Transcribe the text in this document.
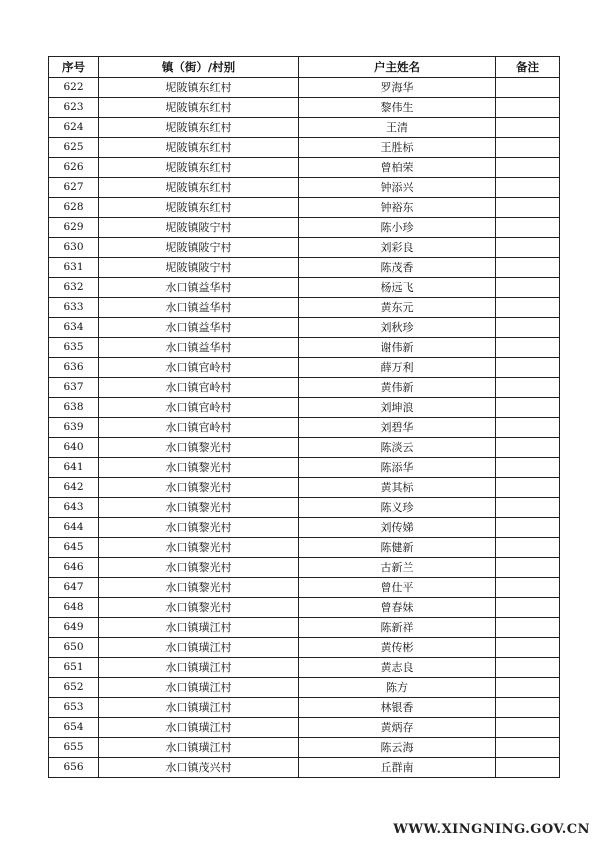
序号	镇（街）/村别	户主姓名	备注
622	坭陂镇东红村	罗海华	
623	坭陂镇东红村	黎伟生	
624	坭陂镇东红村	王清	
625	坭陂镇东红村	王胜标	
626	坭陂镇东红村	曾柏荣	
627	坭陂镇东红村	钟添兴	
628	坭陂镇东红村	钟裕东	
629	坭陂镇陂宁村	陈小珍	
630	坭陂镇陂宁村	刘彩良	
631	坭陂镇陂宁村	陈茂香	
632	水口镇益华村	杨远飞	
633	水口镇益华村	黄东元	
634	水口镇益华村	刘秋珍	
635	水口镇益华村	谢伟新	
636	水口镇官岭村	薛万利	
637	水口镇官岭村	黄伟新	
638	水口镇官岭村	刘坤浪	
639	水口镇官岭村	刘碧华	
640	水口镇黎光村	陈淡云	
641	水口镇黎光村	陈添华	
642	水口镇黎光村	黄其标	
643	水口镇黎光村	陈义珍	
644	水口镇黎光村	刘传娣	
645	水口镇黎光村	陈健新	
646	水口镇黎光村	古新兰	
647	水口镇黎光村	曾仕平	
648	水口镇黎光村	曾春妹	
649	水口镇璜江村	陈新祥	
650	水口镇璜江村	黄传彬	
651	水口镇璜江村	黄志良	
652	水口镇璜江村	陈方	
653	水口镇璜江村	林银香	
654	水口镇璜江村	黄炳存	
655	水口镇璜江村	陈云海	
656	水口镇茂兴村	丘群南	
WWW.XINGNING.GOV.CN
